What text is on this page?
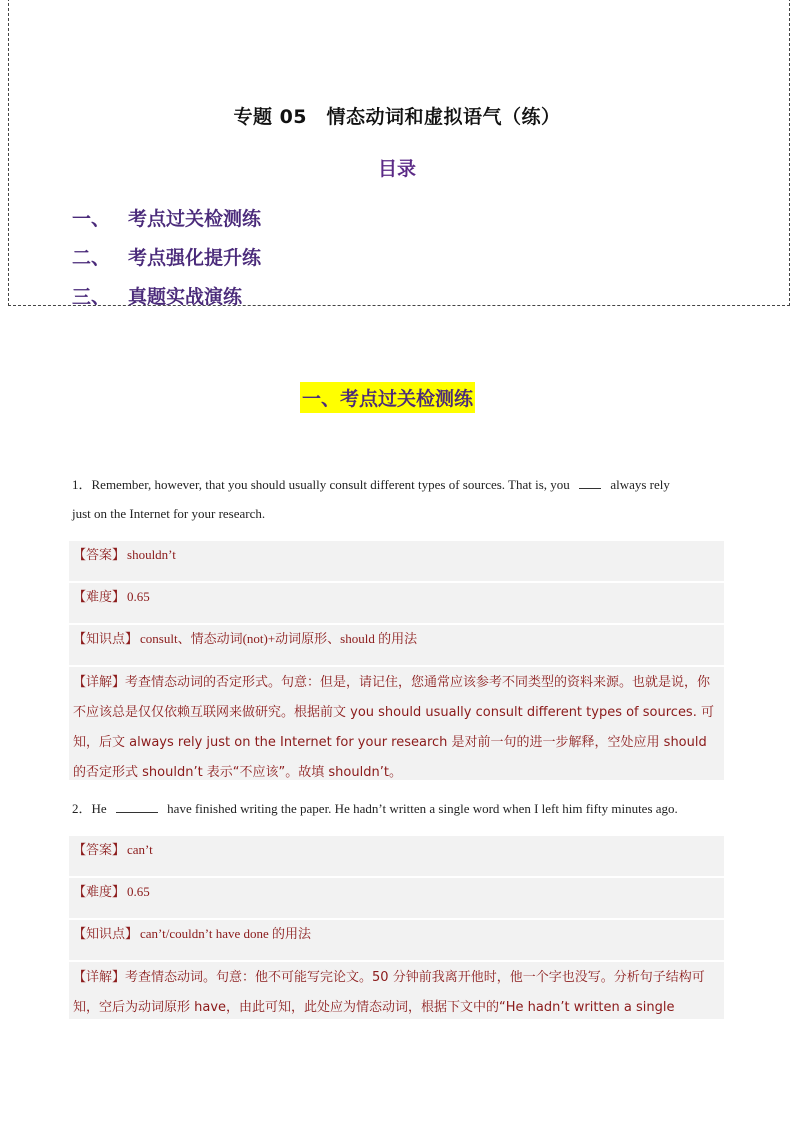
专题 05　情态动词和虚拟语气（练）
目录
一、 考点过关检测练
二、 考点强化提升练
三、 真题实战演练
一、考点过关检测练
1．Remember, however, that you should usually consult different types of sources. That is, you	always rely
just on the Internet for your research.
【答案】 shouldn’t
【难度】 0.65
【知识点】 consult、情态动词(not)+动词原形、should 的用法
【详解】考查情态动词的否定形式。句意：但是，请记住，您通常应该参考不同类型的资料来源。也就是说，你不应该总是仅仅依赖互联网来做研究。根据前文 you should usually consult different types of sources. 可知，后文 always rely just on the Internet for your research 是对前一句的进一步解释，空处应用 should 的否定形式 shouldn’t 表示“不应该”。故填 shouldn’t。
2．He	have finished writing the paper. He hadn’t written a single word when I left him fifty minutes ago.
【答案】 can’t
【难度】 0.65
【知识点】 can’t/couldn’t have done 的用法
【详解】考查情态动词。句意：他不可能写完论文。50 分钟前我离开他时，他一个字也没写。分析句子结构可知，空后为动词原形 have，由此可知，此处应为情态动词，根据下文中的“He hadn’t written a single
